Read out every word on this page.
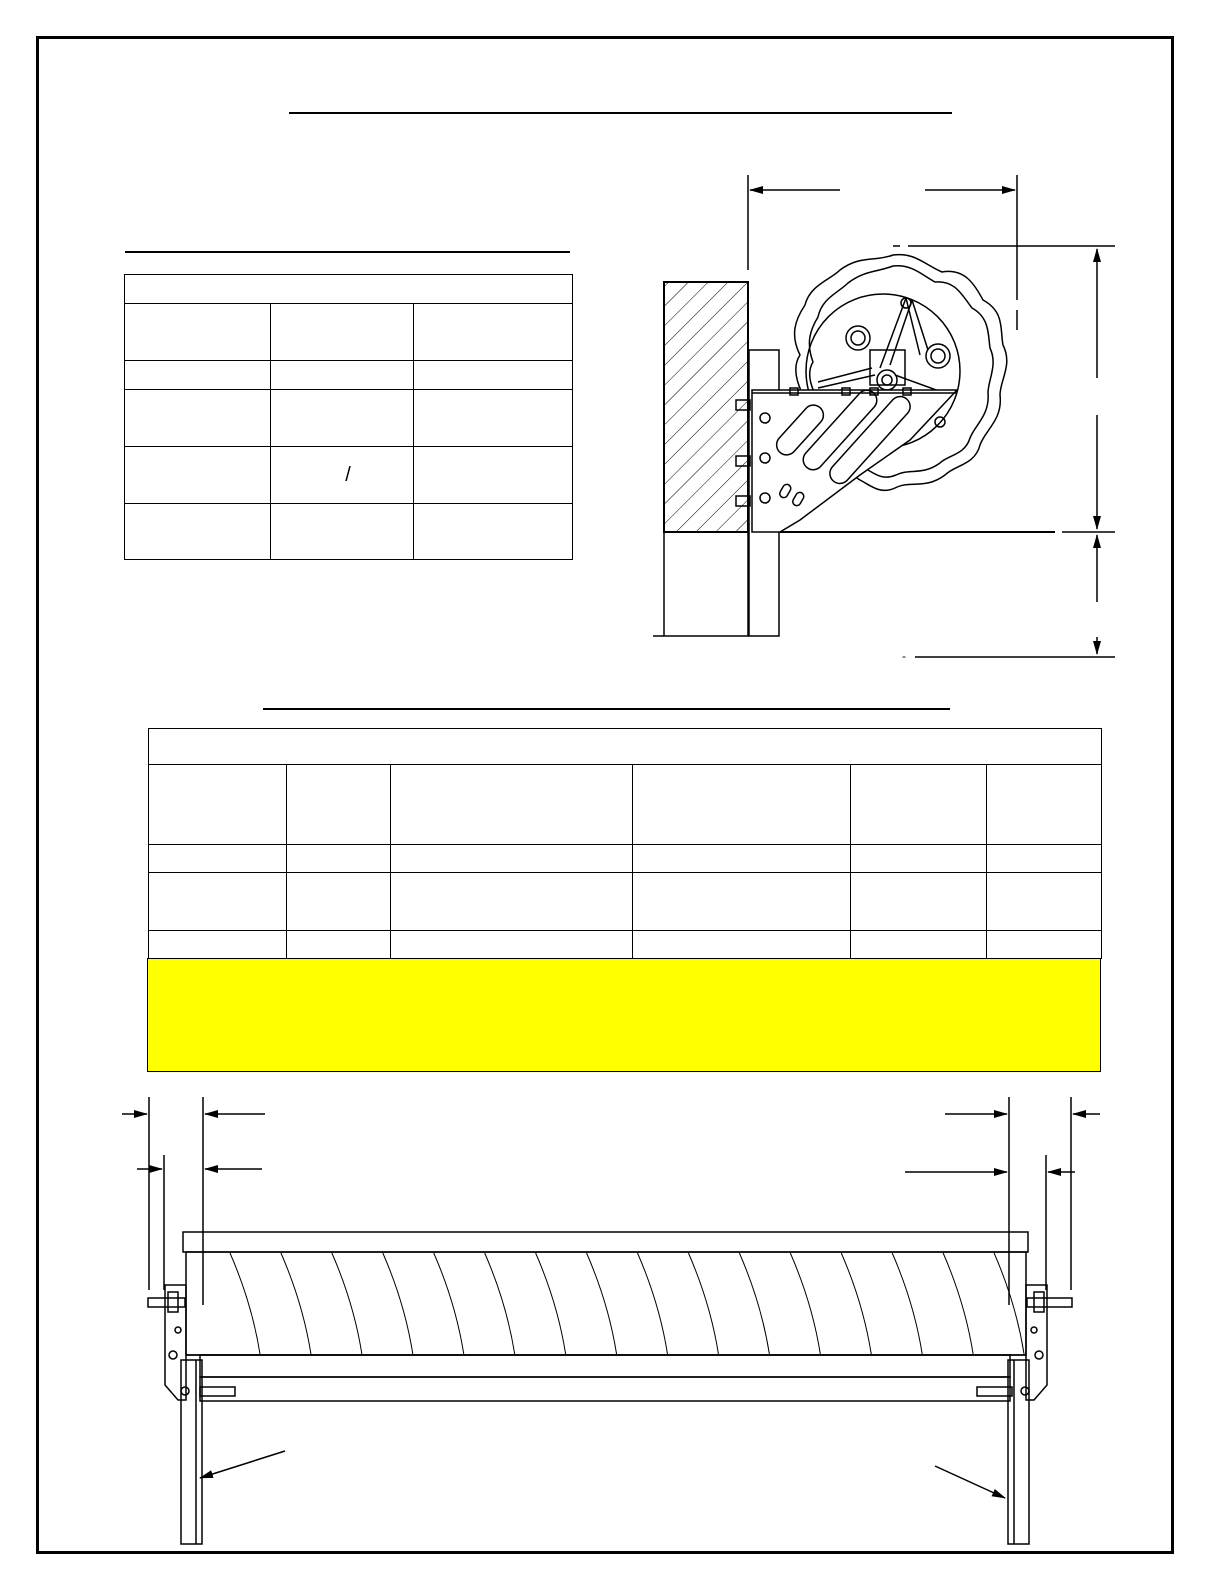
	/	

-
